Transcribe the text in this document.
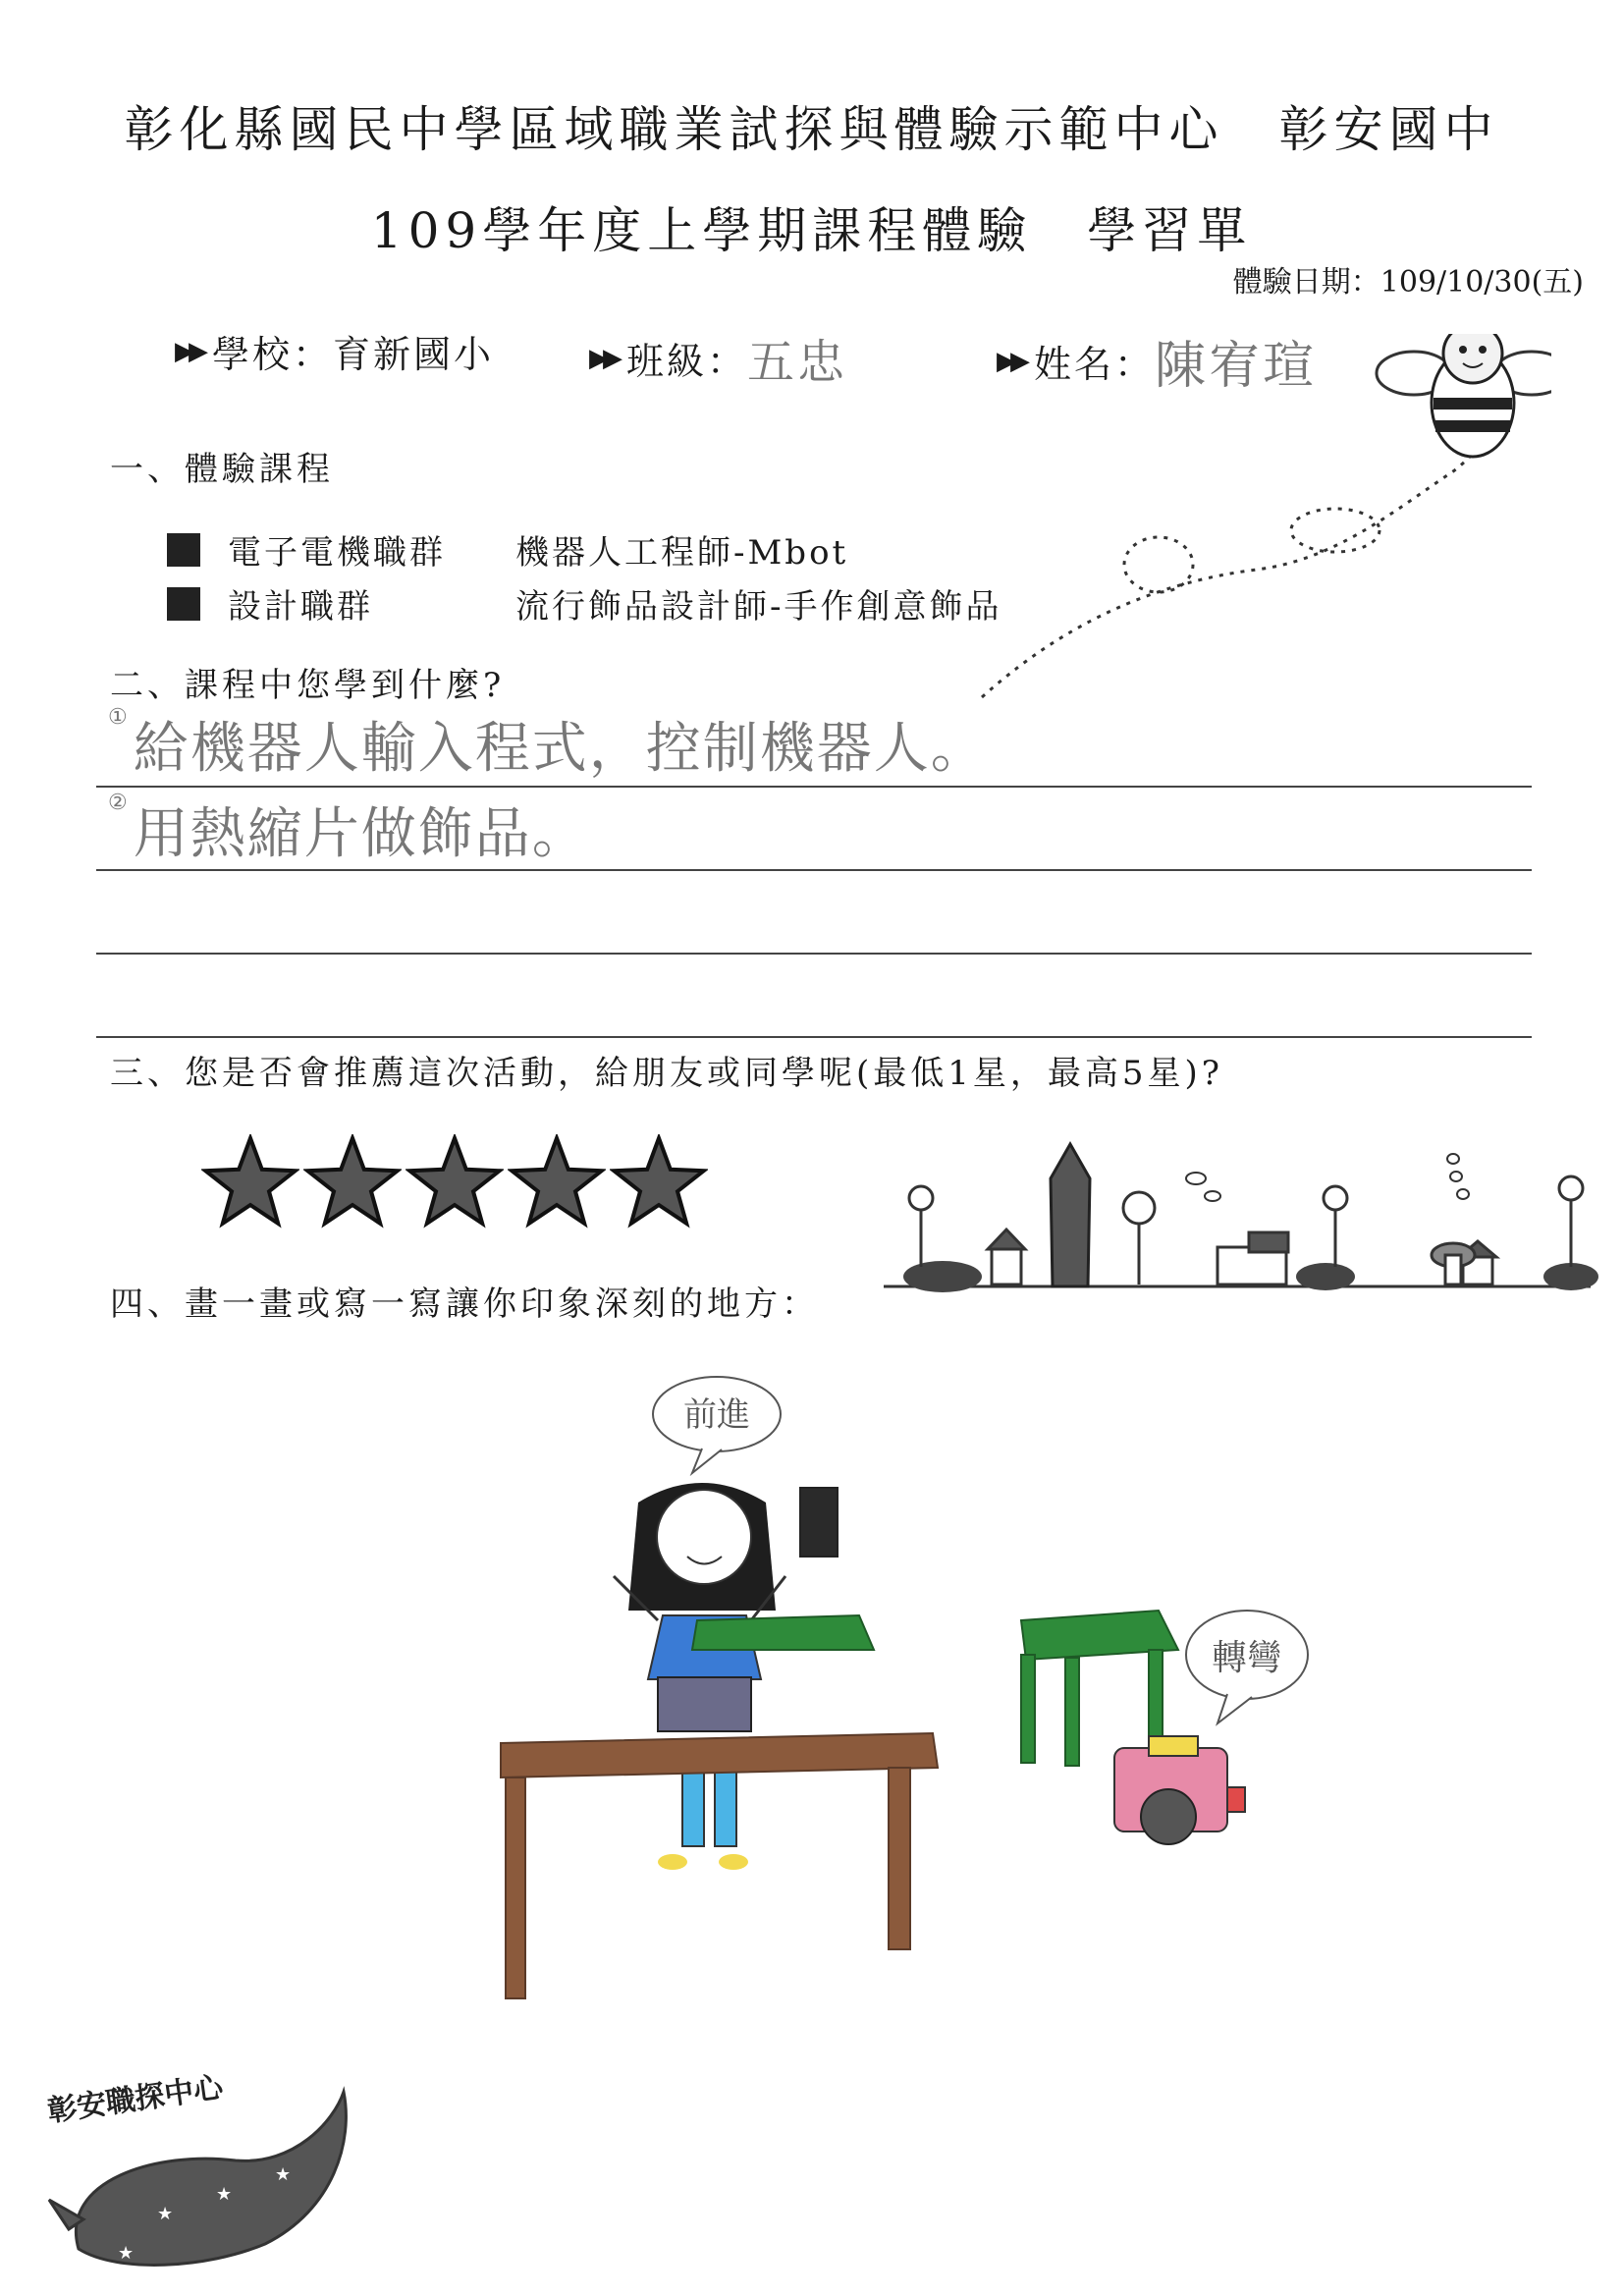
彰化縣國民中學區域職業試探與體驗示範中心　彰安國中
109學年度上學期課程體驗　學習單
體驗日期：109/10/30(五)
▶▶ 學校： 育新國小	▶▶ 班級： 五忠	▶▶ 姓名： 陳宥瑄
一、體驗課程
電子電機職群 機器人工程師-Mbot
設計職群	流行飾品設計師-手作創意飾品
二、課程中您學到什麼?
① 給機器人輸入程式，控制機器人。
② 用熱縮片做飾品。
三、您是否會推薦這次活動，給朋友或同學呢(最低1星，最高5星)?
四、畫一畫或寫一寫讓你印象深刻的地方：
前進
轉彎
★
★
★
★
彰安職探中心
